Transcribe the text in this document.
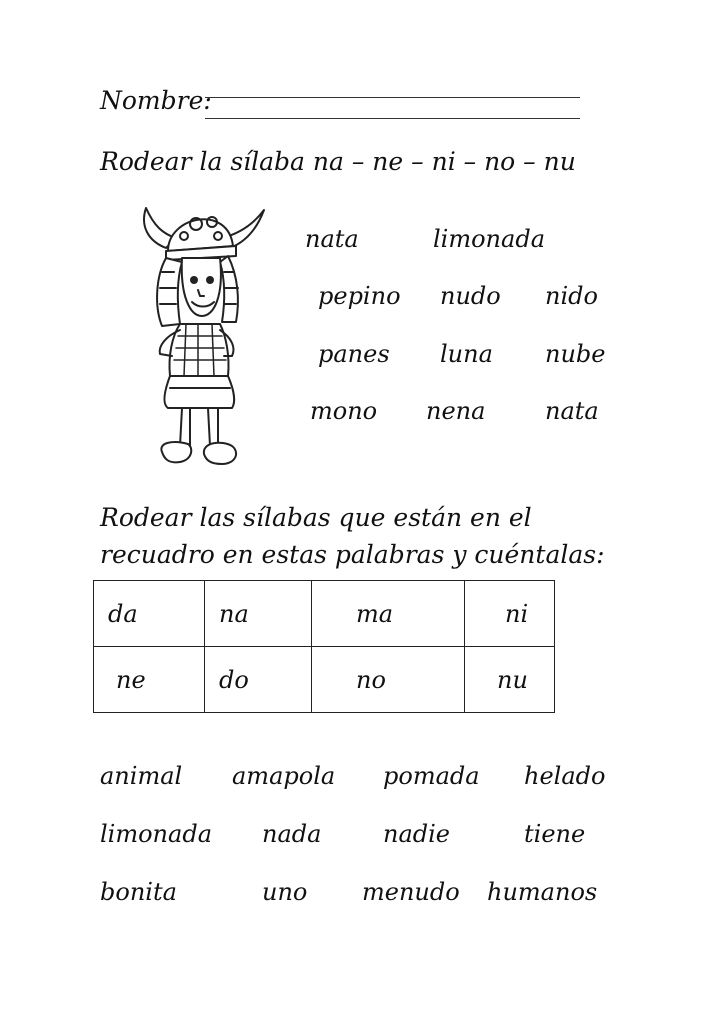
Nombre:
Rodear la sílaba na – ne – ni – no – nu
nata	limonada
pepino nudo nido
panes luna nube
mono nena nata
Rodear las sílabas que están en el
recuadro en estas palabras y cuéntalas:
da	na	ma	ni
ne	do	no	nu
animal amapola pomada helado
limonada nada	nadie	tiene
bonita	uno menudo humanos
